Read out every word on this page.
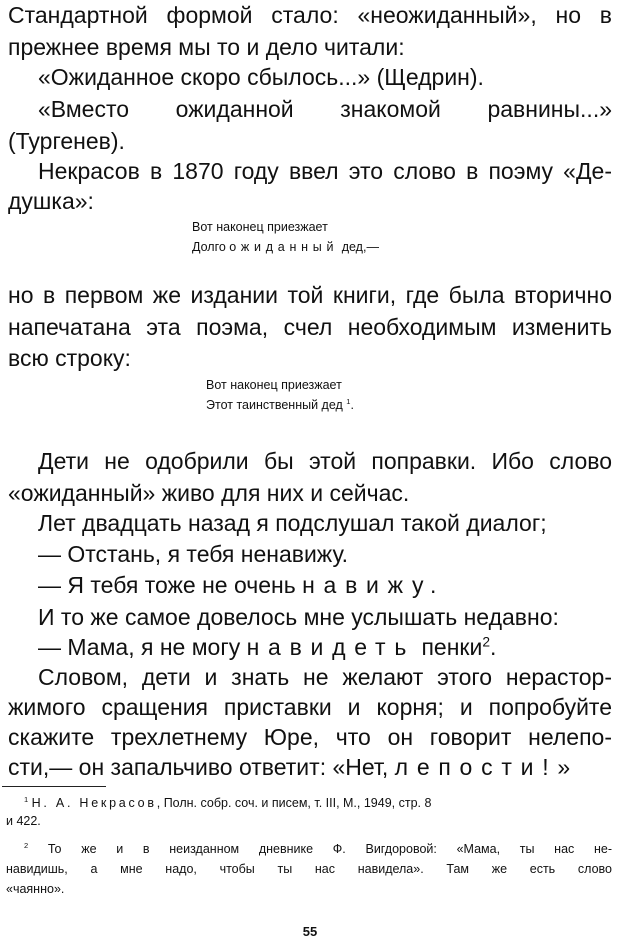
Стандартной формой стало: «неожиданный», но в
прежнее время мы то и дело читали:
«Ожиданное скоро сбылось...» (Щедрин).
«Вместо ожиданной знакомой равнины...»
(Тургенев).
Некрасов в 1870 году ввел это слово в поэму «Де-
душка»:
Вот наконец приезжает
Долго ожиданный дед,—
но в первом же издании той книги, где была вторично
напечатана эта поэма, счел необходимым изменить
всю строку:
Вот наконец приезжает
Этот таинственный дед $^1$.
Дети не одобрили бы этой поправки. Ибо слово
«ожиданный» живо для них и сейчас.
Лет двадцать назад я подслушал такой диалог;
— Отстань, я тебя ненавижу.
— Я тебя тоже не очень навижу.
И то же самое довелось мне услышать недавно:
— Мама, я не могу навидеть пенки$^2$.
Словом, дети и знать не желают этого нерастор-
жимого сращения приставки и корня; и попробуйте
скажите трехлетнему Юре, что он говорит нелепо-
сти,— он запальчиво ответит: «Нет, лепости!»
$^1$ Н. А. Некрасов, Полн. собр. соч. и писем, т. III, М., 1949, стр. 8
и 422.
$^2$ То же и в неизданном дневнике Ф. Вигдоровой: «Мама, ты нас не-
навидишь, а мне надо, чтобы ты нас навидела». Там же есть слово
«чаянно».
55
